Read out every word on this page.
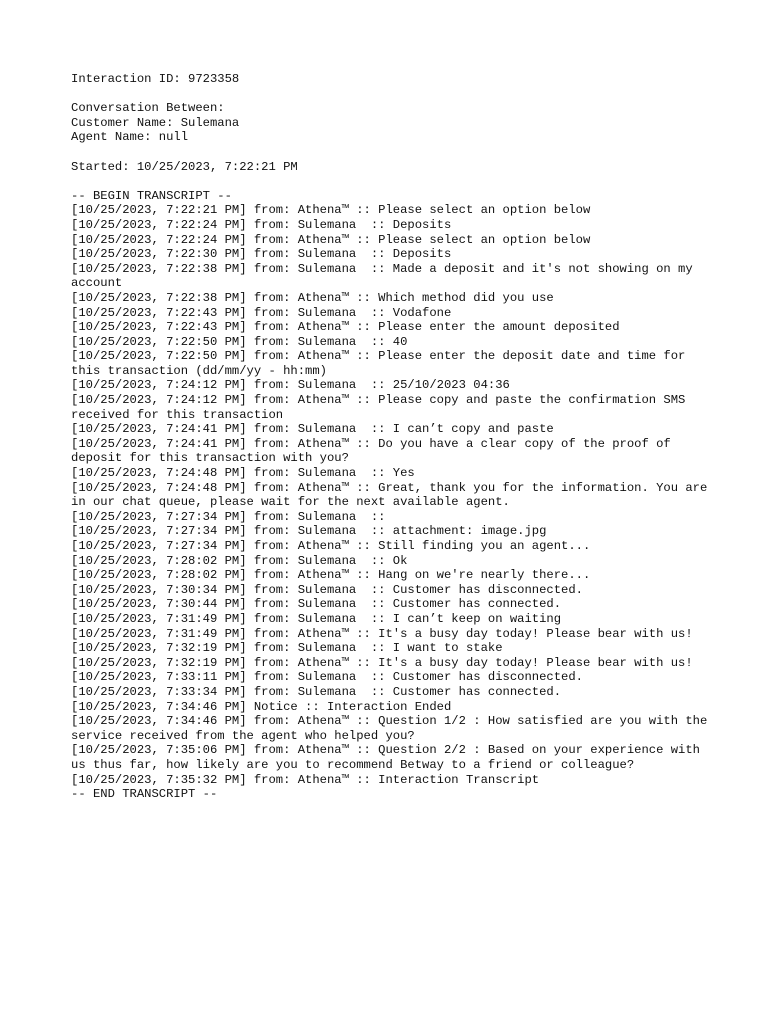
Interaction ID: 9723358
Conversation Between:
Customer Name: Sulemana
Agent Name: null
Started: 10/25/2023, 7:22:21 PM
-- BEGIN TRANSCRIPT --
[10/25/2023, 7:22:21 PM] from: Athena™ :: Please select an option below
[10/25/2023, 7:22:24 PM] from: Sulemana  :: Deposits
[10/25/2023, 7:22:24 PM] from: Athena™ :: Please select an option below
[10/25/2023, 7:22:30 PM] from: Sulemana  :: Deposits
[10/25/2023, 7:22:38 PM] from: Sulemana  :: Made a deposit and it's not showing on my account
[10/25/2023, 7:22:38 PM] from: Athena™ :: Which method did you use
[10/25/2023, 7:22:43 PM] from: Sulemana  :: Vodafone
[10/25/2023, 7:22:43 PM] from: Athena™ :: Please enter the amount deposited
[10/25/2023, 7:22:50 PM] from: Sulemana  :: 40
[10/25/2023, 7:22:50 PM] from: Athena™ :: Please enter the deposit date and time for this transaction (dd/mm/yy - hh:mm)
[10/25/2023, 7:24:12 PM] from: Sulemana  :: 25/10/2023 04:36
[10/25/2023, 7:24:12 PM] from: Athena™ :: Please copy and paste the confirmation SMS received for this transaction
[10/25/2023, 7:24:41 PM] from: Sulemana  :: I can’t copy and paste
[10/25/2023, 7:24:41 PM] from: Athena™ :: Do you have a clear copy of the proof of deposit for this transaction with you?
[10/25/2023, 7:24:48 PM] from: Sulemana  :: Yes
[10/25/2023, 7:24:48 PM] from: Athena™ :: Great, thank you for the information. You are in our chat queue, please wait for the next available agent.
[10/25/2023, 7:27:34 PM] from: Sulemana  ::
[10/25/2023, 7:27:34 PM] from: Sulemana  :: attachment: image.jpg
[10/25/2023, 7:27:34 PM] from: Athena™ :: Still finding you an agent...
[10/25/2023, 7:28:02 PM] from: Sulemana  :: Ok
[10/25/2023, 7:28:02 PM] from: Athena™ :: Hang on we're nearly there...
[10/25/2023, 7:30:34 PM] from: Sulemana  :: Customer has disconnected.
[10/25/2023, 7:30:44 PM] from: Sulemana  :: Customer has connected.
[10/25/2023, 7:31:49 PM] from: Sulemana  :: I can’t keep on waiting
[10/25/2023, 7:31:49 PM] from: Athena™ :: It's a busy day today! Please bear with us!
[10/25/2023, 7:32:19 PM] from: Sulemana  :: I want to stake
[10/25/2023, 7:32:19 PM] from: Athena™ :: It's a busy day today! Please bear with us!
[10/25/2023, 7:33:11 PM] from: Sulemana  :: Customer has disconnected.
[10/25/2023, 7:33:34 PM] from: Sulemana  :: Customer has connected.
[10/25/2023, 7:34:46 PM] Notice :: Interaction Ended
[10/25/2023, 7:34:46 PM] from: Athena™ :: Question 1/2 : How satisfied are you with the service received from the agent who helped you?
[10/25/2023, 7:35:06 PM] from: Athena™ :: Question 2/2 : Based on your experience with us thus far, how likely are you to recommend Betway to a friend or colleague?
[10/25/2023, 7:35:32 PM] from: Athena™ :: Interaction Transcript
-- END TRANSCRIPT --
